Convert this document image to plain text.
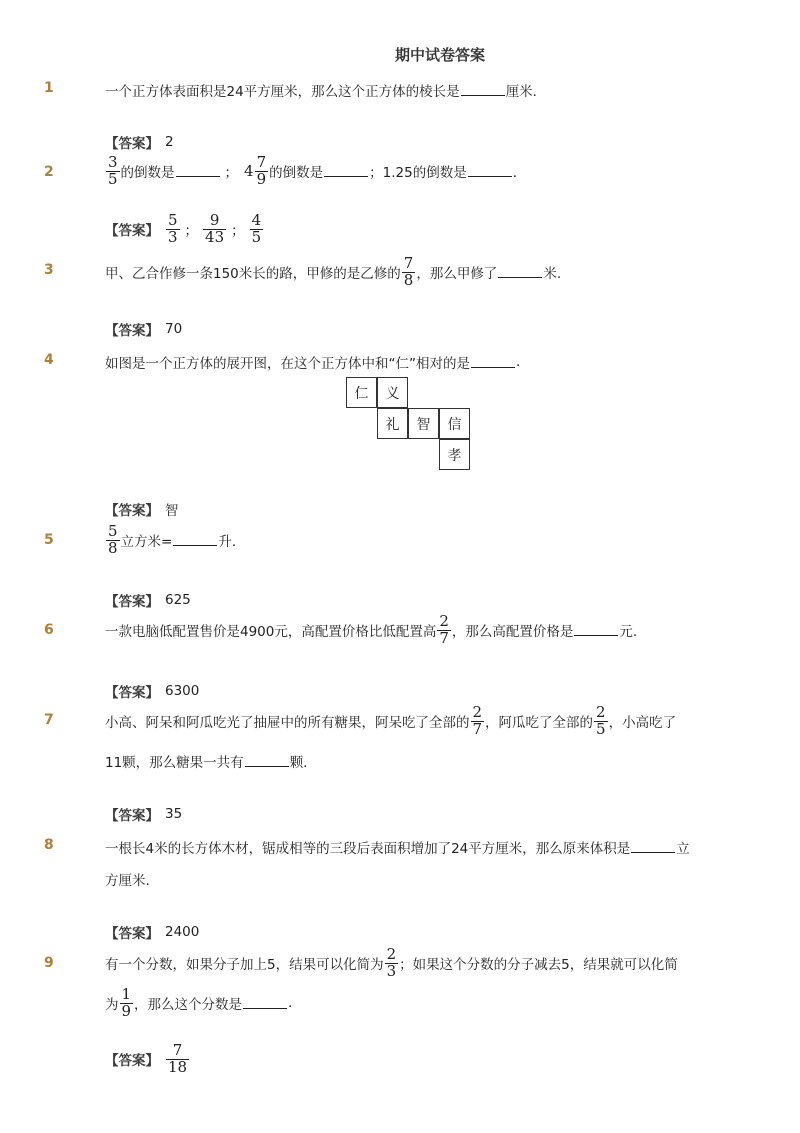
期中试卷答案
1	一个正方体表面积是24平方厘米，那么这个正方体的棱长是	厘米．
【答案】 2
2	$\frac{3}{5}$ 的倒数是	； $4 \frac{7}{9}$ 的倒数是	；1.25的倒数是	．
【答案】 $\frac{5}{3}$ ； $\frac{9}{43}$ ； $\frac{4}{5}$
3	甲、乙合作修一条150米长的路，甲修的是乙修的 $\frac{7}{8}$ ，那么甲修了	米.
【答案】 70
4	如图是一个正方体的展开图，在这个正方体中和“仁”相对的是	.
仁	义
礼	智	信
孝
【答案】 智
5	$\frac{5}{8}$ 立方米=	升.
【答案】 625
6	一款电脑低配置售价是4900元，高配置价格比低配置高 $\frac{2}{7}$ ，那么高配置价格是	元.
【答案】 6300
7	小高、阿呆和阿瓜吃光了抽屉中的所有糖果，阿呆吃了全部的 $\frac{2}{7}$ ，阿瓜吃了全部的 $\frac{2}{5}$ ，小高吃了
11颗，那么糖果一共有	颗.
【答案】 35
8	一根长4米的长方体木材，锯成相等的三段后表面积增加了24平方厘米，那么原来体积是	立
方厘米.
【答案】 2400
9	有一个分数，如果分子加上5，结果可以化简为 $\frac{2}{3}$ ；如果这个分数的分子减去5，结果就可以化简
为 $\frac{1}{9}$ ，那么这个分数是	.
【答案】 $\frac{7}{18}$
